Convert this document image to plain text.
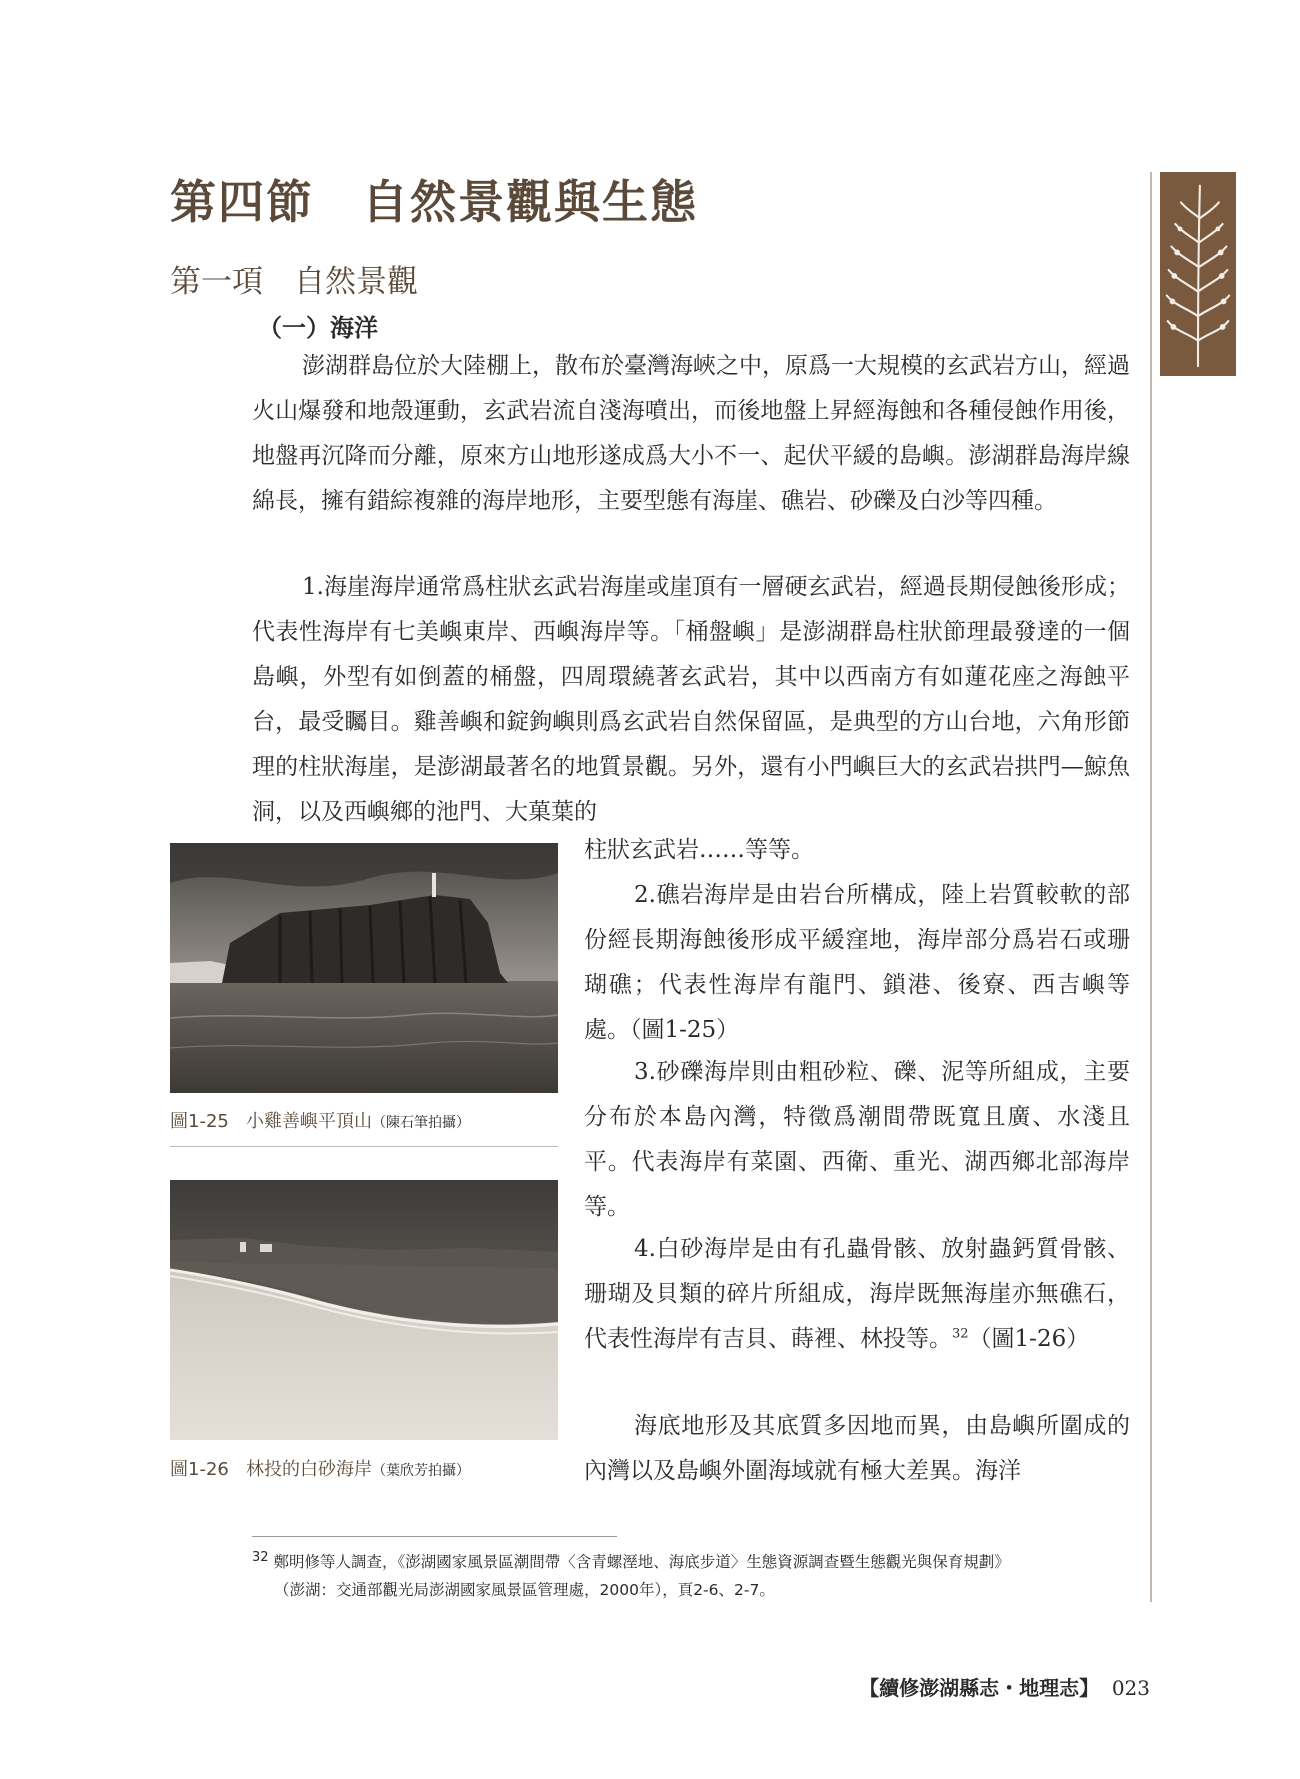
第四節　自然景觀與生態
第一項　自然景觀
（一）海洋
澎湖群島位於大陸棚上，散布於臺灣海峽之中，原爲一大規模的玄武岩方山，經過火山爆發和地殼運動，玄武岩流自淺海噴出，而後地盤上昇經海蝕和各種侵蝕作用後，地盤再沉降而分離，原來方山地形遂成爲大小不一、起伏平緩的島嶼。澎湖群島海岸線綿長，擁有錯綜複雜的海岸地形，主要型態有海崖、礁岩、砂礫及白沙等四種。
1.海崖海岸通常爲柱狀玄武岩海崖或崖頂有一層硬玄武岩，經過長期侵蝕後形成；代表性海岸有七美嶼東岸、西嶼海岸等。「桶盤嶼」是澎湖群島柱狀節理最發達的一個島嶼，外型有如倒蓋的桶盤，四周環繞著玄武岩，其中以西南方有如蓮花座之海蝕平台，最受矚目。雞善嶼和錠鉤嶼則爲玄武岩自然保留區，是典型的方山台地，六角形節理的柱狀海崖，是澎湖最著名的地質景觀。另外，還有小門嶼巨大的玄武岩拱門—鯨魚洞，以及西嶼鄉的池門、大菓葉的
柱狀玄武岩……等等。
2.礁岩海岸是由岩台所構成，陸上岩質較軟的部份經長期海蝕後形成平緩窪地，海岸部分爲岩石或珊瑚礁；代表性海岸有龍門、鎖港、後寮、西吉嶼等處。（圖1-25）
3.砂礫海岸則由粗砂粒、礫、泥等所組成，主要分布於本島內灣，特徵爲潮間帶既寬且廣、水淺且平。代表海岸有菜園、西衛、重光、湖西鄉北部海岸等。
4.白砂海岸是由有孔蟲骨骸、放射蟲鈣質骨骸、珊瑚及貝類的碎片所組成，海岸既無海崖亦無礁石，代表性海岸有吉貝、蒔裡、林投等。$^{32}$（圖1-26）
海底地形及其底質多因地而異，由島嶼所圍成的內灣以及島嶼外圍海域就有極大差異。海洋
圖1-25 小雞善嶼平頂山（陳石筆拍攝）
圖1-26 林投的白砂海岸（葉欣芳拍攝）
$^{32}$ 鄭明修等人調查，《澎湖國家風景區潮間帶〈含青螺溼地、海底步道〉生態資源調查暨生態觀光與保育規劃》
（澎湖：交通部觀光局澎湖國家風景區管理處，2000年），頁2-6、2-7。
【續修澎湖縣志・地理志】 023
